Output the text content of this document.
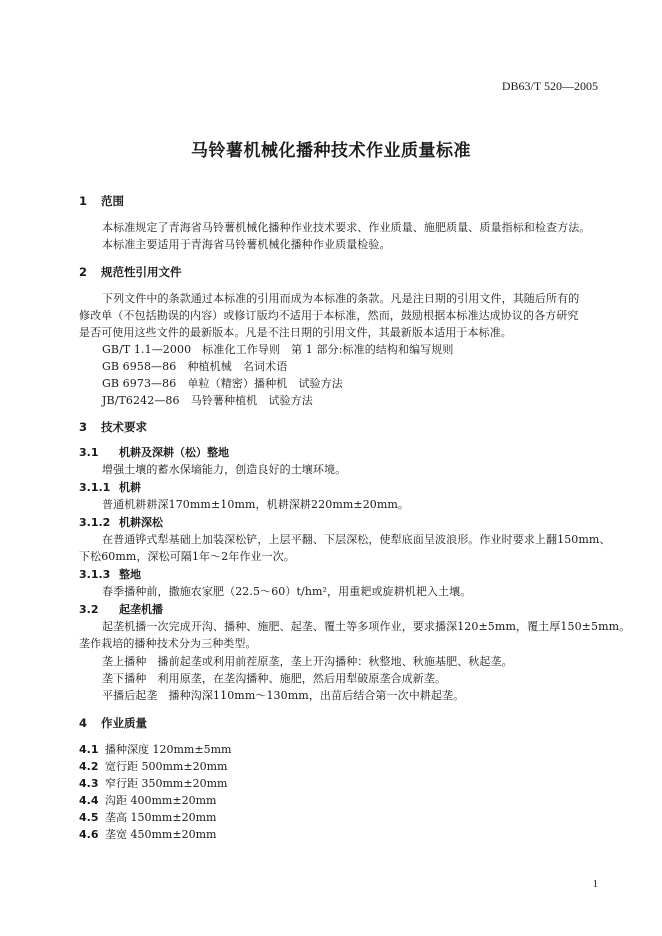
DB63/T 520—2005
马铃薯机械化播种技术作业质量标准
1 范围
本标准规定了青海省马铃薯机械化播种作业技术要求、作业质量、施肥质量、质量指标和检查方法。
本标准主要适用于青海省马铃薯机械化播种作业质量检验。
2 规范性引用文件
下列文件中的条款通过本标准的引用而成为本标准的条款。凡是注日期的引用文件，其随后所有的
修改单（不包括勘误的内容）或修订版均不适用于本标准，然而，鼓励根据本标准达成协议的各方研究
是否可使用这些文件的最新版本。凡是不注日期的引用文件，其最新版本适用于本标准。
GB/T 1.1—2000　标准化工作导则　第 1 部分:标准的结构和编写规则
GB 6958—86　种植机械　名词术语
GB 6973—86　单粒（精密）播种机　试验方法
JB/T6242—86　马铃薯种植机　试验方法
3 技术要求
3.1 机耕及深耕（松）整地
增强土壤的蓄水保墒能力，创造良好的土壤环境。
3.1.1 机耕
普通机耕耕深170mm±10mm，机耕深耕220mm±20mm。
3.1.2 机耕深松
在普通铧式犁基础上加装深松铲，上层平翻、下层深松，使犁底面呈波浪形。作业时要求上翻150mm、
下松60mm，深松可隔1年～2年作业一次。
3.1.3 整地
春季播种前，撒施农家肥（22.5～60）t/hm²，用重耙或旋耕机耙入土壤。
3.2 起垄机播
起垄机播一次完成开沟、播种、施肥、起垄、覆土等多项作业，要求播深120±5mm，覆土厚150±5mm。
垄作栽培的播种技术分为三种类型。
垄上播种　播前起垄或利用前茬原垄，垄上开沟播种：秋整地、秋施基肥、秋起垄。
垄下播种　利用原垄，在垄沟播种、施肥，然后用犁破原垄合成新垄。
平播后起垄　播种沟深110mm～130mm，出苗后结合第一次中耕起垄。
4 作业质量
4.1 播种深度 120mm±5mm
4.2 宽行距 500mm±20mm
4.3 窄行距 350mm±20mm
4.4 沟距 400mm±20mm
4.5 垄高 150mm±20mm
4.6 垄宽 450mm±20mm
1
